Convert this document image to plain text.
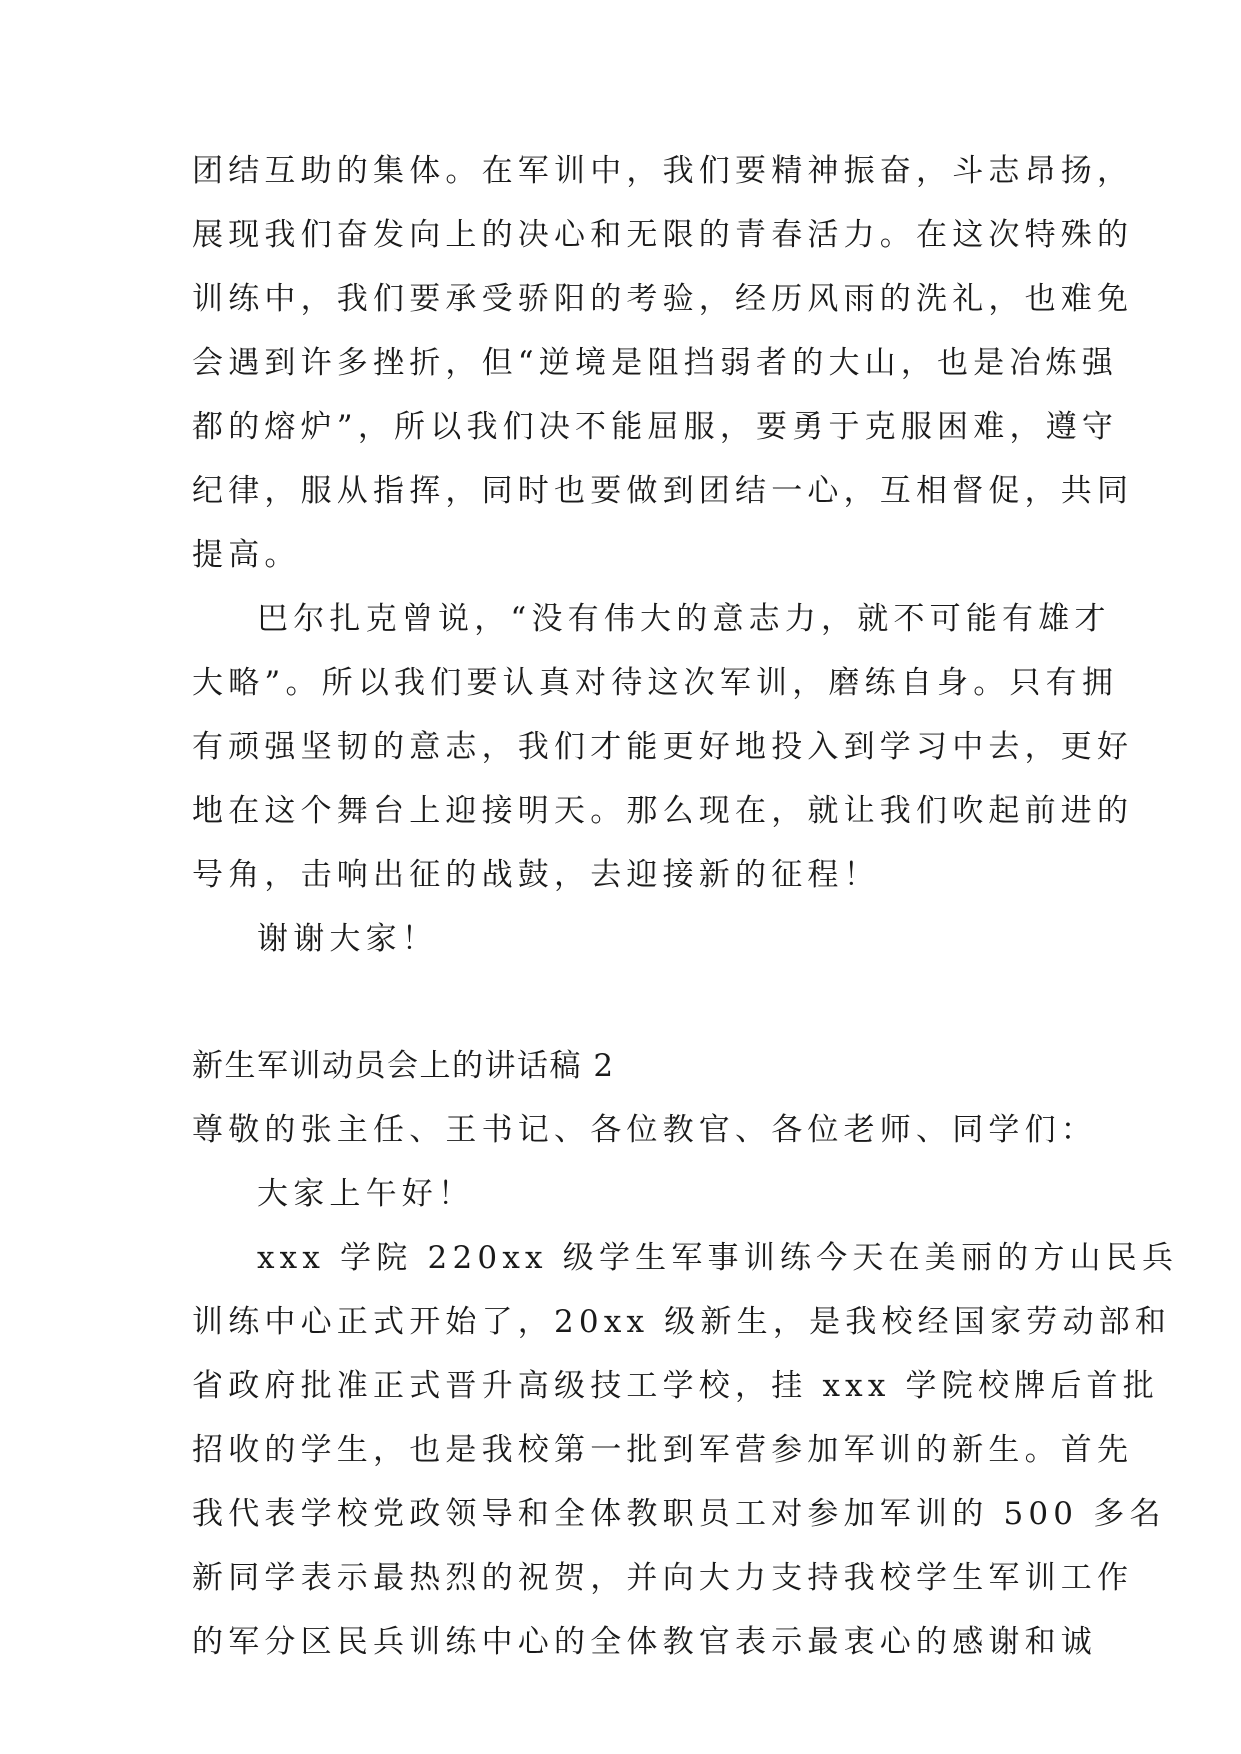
团结互助的集体。在军训中，我们要精神振奋，斗志昂扬，
展现我们奋发向上的决心和无限的青春活力。在这次特殊的
训练中，我们要承受骄阳的考验，经历风雨的洗礼，也难免
会遇到许多挫折，但“逆境是阻挡弱者的大山，也是冶炼强
都的熔炉”，所以我们决不能屈服，要勇于克服困难，遵守
纪律，服从指挥，同时也要做到团结一心，互相督促，共同
提高。
巴尔扎克曾说，“没有伟大的意志力，就不可能有雄才
大略”。所以我们要认真对待这次军训，磨练自身。只有拥
有顽强坚韧的意志，我们才能更好地投入到学习中去，更好
地在这个舞台上迎接明天。那么现在，就让我们吹起前进的
号角，击响出征的战鼓，去迎接新的征程！
谢谢大家！
新生军训动员会上的讲话稿 2
尊敬的张主任、王书记、各位教官、各位老师、同学们：
大家上午好！
xxx 学院 220xx 级学生军事训练今天在美丽的方山民兵
训练中心正式开始了，20xx 级新生，是我校经国家劳动部和
省政府批准正式晋升高级技工学校，挂 xxx 学院校牌后首批
招收的学生，也是我校第一批到军营参加军训的新生。首先
我代表学校党政领导和全体教职员工对参加军训的 500 多名
新同学表示最热烈的祝贺，并向大力支持我校学生军训工作
的军分区民兵训练中心的全体教官表示最衷心的感谢和诚
